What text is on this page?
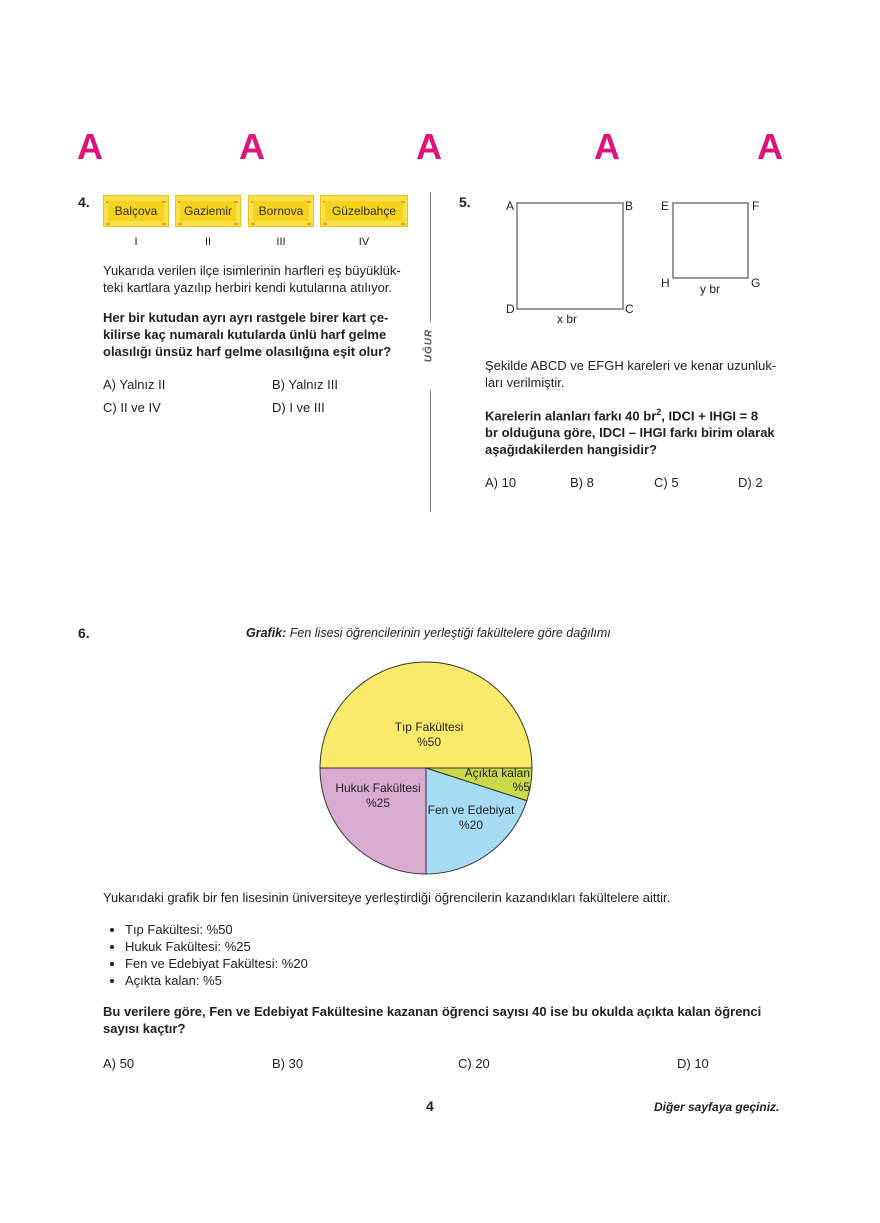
A	A	A	A	A
UĞUR
4.
Balçova Gaziemir Bornova Güzelbahçe
I	II	III	IV
Yukarıda verilen ilçe isimlerinin harfleri eş büyüklük-
teki kartlara yazılıp herbiri kendi kutularına atılıyor.
Her bir kutudan ayrı ayrı rastgele birer kart çe-
kilirse kaç numaralı kutularda ünlü harf gelme
olasılığı ünsüz harf gelme olasılığına eşit olur?
A) Yalnız II	B) Yalnız III
C) II ve IV	D) I ve III
5.	A	B
C
D
x br
E	F
G
H	y br
Şekilde ABCD ve EFGH kareleri ve kenar uzunluk-
ları verilmiştir.
Karelerin alanları farkı 40 $br^2$, IDCI + IHGI = 8
br olduğuna göre, IDCI – IHGI farkı birim olarak
aşağıdakilerden hangisidir?
A) 10	B) 8	C) 5	D) 2
6.	Grafik: Fen lisesi öğrencilerinin yerleştiği fakültelere göre dağılımı
Tıp Fakültesi
%50
Hukuk Fakültesi
%25
Açıkta kalan
%5
Fen ve Edebiyat
%20
Yukarıdaki grafik bir fen lisesinin üniversiteye yerleştirdiği öğrencilerin kazandıkları fakültelere aittir.
• Tıp Fakültesi: %50
• Hukuk Fakültesi: %25
• Fen ve Edebiyat Fakültesi: %20
• Açıkta kalan: %5
Bu verilere göre, Fen ve Edebiyat Fakültesine kazanan öğrenci sayısı 40 ise bu okulda açıkta kalan öğrenci
sayısı kaçtır?
A) 50	B) 30	C) 20	D) 10
4	Diğer sayfaya geçiniz.
